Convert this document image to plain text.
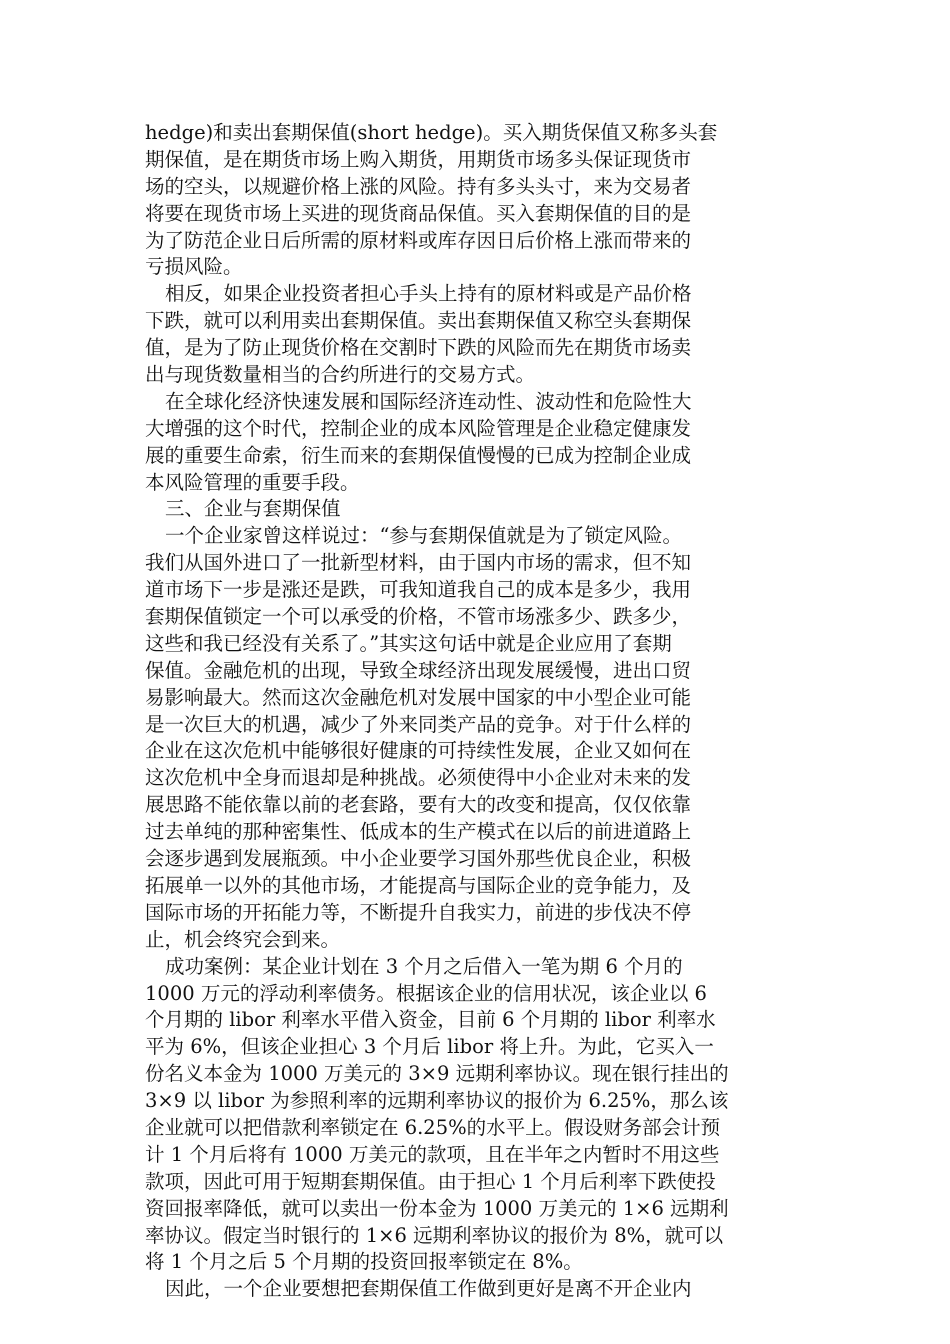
hedge)和卖出套期保值(short hedge)。买入期货保值又称多头套
期保值，是在期货市场上购入期货，用期货市场多头保证现货市
场的空头，以规避价格上涨的风险。持有多头头寸，来为交易者
将要在现货市场上买进的现货商品保值。买入套期保值的目的是
为了防范企业日后所需的原材料或库存因日后价格上涨而带来的
亏损风险。
相反，如果企业投资者担心手头上持有的原材料或是产品价格
下跌，就可以利用卖出套期保值。卖出套期保值又称空头套期保
值，是为了防止现货价格在交割时下跌的风险而先在期货市场卖
出与现货数量相当的合约所进行的交易方式。
在全球化经济快速发展和国际经济连动性、波动性和危险性大
大增强的这个时代，控制企业的成本风险管理是企业稳定健康发
展的重要生命索，衍生而来的套期保值慢慢的已成为控制企业成
本风险管理的重要手段。
三、企业与套期保值
一个企业家曾这样说过：“参与套期保值就是为了锁定风险。
我们从国外进口了一批新型材料，由于国内市场的需求，但不知
道市场下一步是涨还是跌，可我知道我自己的成本是多少，我用
套期保值锁定一个可以承受的价格，不管市场涨多少、跌多少，
这些和我已经没有关系了。”其实这句话中就是企业应用了套期
保值。金融危机的出现，导致全球经济出现发展缓慢，进出口贸
易影响最大。然而这次金融危机对发展中国家的中小型企业可能
是一次巨大的机遇，减少了外来同类产品的竞争。对于什么样的
企业在这次危机中能够很好健康的可持续性发展，企业又如何在
这次危机中全身而退却是种挑战。必须使得中小企业对未来的发
展思路不能依靠以前的老套路，要有大的改变和提高，仅仅依靠
过去单纯的那种密集性、低成本的生产模式在以后的前进道路上
会逐步遇到发展瓶颈。中小企业要学习国外那些优良企业，积极
拓展单一以外的其他市场，才能提高与国际企业的竞争能力，及
国际市场的开拓能力等，不断提升自我实力，前进的步伐决不停
止，机会终究会到来。
成功案例：某企业计划在 3 个月之后借入一笔为期 6 个月的
1000 万元的浮动利率债务。根据该企业的信用状况，该企业以 6
个月期的 libor 利率水平借入资金，目前 6 个月期的 libor 利率水
平为 6%，但该企业担心 3 个月后 libor 将上升。为此，它买入一
份名义本金为 1000 万美元的 3×9 远期利率协议。现在银行挂出的
3×9 以 libor 为参照利率的远期利率协议的报价为 6.25%，那么该
企业就可以把借款利率锁定在 6.25%的水平上。假设财务部会计预
计 1 个月后将有 1000 万美元的款项，且在半年之内暂时不用这些
款项，因此可用于短期套期保值。由于担心 1 个月后利率下跌使投
资回报率降低，就可以卖出一份本金为 1000 万美元的 1×6 远期利
率协议。假定当时银行的 1×6 远期利率协议的报价为 8%，就可以
将 1 个月之后 5 个月期的投资回报率锁定在 8%。
因此，一个企业要想把套期保值工作做到更好是离不开企业内
